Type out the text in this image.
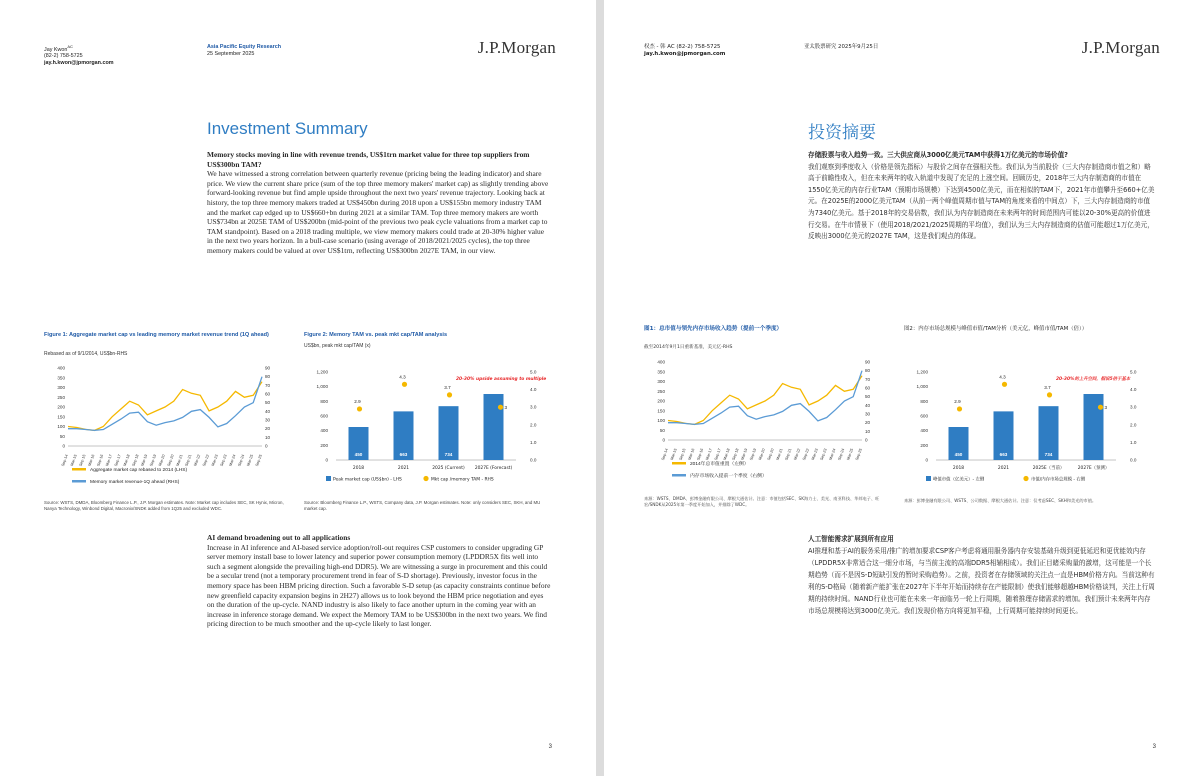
Jay Kwon$^{AC}$
(82-2) 758-5725
jay.h.kwon@jpmorgan.com
Asia Pacific Equity Research
25 September 2025	J.P.Morgan
Investment Summary

Memory stocks moving in line with revenue trends, US$1trn market value for three top suppliers from US$300bn TAM?

We have witnessed a strong correlation between quarterly revenue (pricing being the leading indicator) and share price. We view the current share price (sum of the top three memory makers' market cap) as slightly trending above forward-looking revenue but find ample upside throughout the next two years' revenue trajectory. Looking back at history, the top three memory makers traded at US$450bn during 2018 upon a US$155bn memory industry TAM and the market cap edged up to US$660+bn during 2021 at a similar TAM. Top three memory makers are worth US$734bn at 2025E TAM of US$200bn (mid-point of the previous two peak cycle valuations from a market cap to TAM standpoint). Based on a 2018 trading multiple, we view memory makers could trade at 20-30% higher value in the next two years horizon. In a bull-case scenario (using average of 2018/2021/2025 cycles), the top three memory makers could be valued at over US$1trn, reflecting US$300bn 2027E TAM, in our view.

Figure 1: Aggregate market cap vs leading memory market revenue trend (1Q ahead)
Rebased as of 9/1/2014, US$bn-RHS
0
50
100
150
200
250
300
350
400
0
10
20
30
40
50
60
70
80
90
Sep-14 Mar-15 Sep-15 Mar-16 Sep-16 Mar-17 Sep-17 Mar-18 Sep-18 Mar-19 Sep-19 Mar-20 Sep-20 Mar-21 Sep-21 Mar-22 Sep-22 Mar-23 Sep-23 Mar-24 Sep-24 Mar-25 Sep-25
Aggregate market cap rebased to 2014 (LHS)
Memory market revenue-1Q ahead (RHS)
Source: WSTS, DMDA, Bloomberg Finance L.P., J.P. Morgan estimates. Note: Market cap includes SEC, SK Hynix, Micron, Nanya Technology, Winbond Digital, Macronix/SNDK added from 1Q25 and excluded WDC.
Figure 2: Memory TAM vs. peak mkt cap/TAM analysis
US$bn, peak mkt cap/TAM (x)
0
200
400
600
800
1,000
1,200
0.0
1.0
2.0
3.0
4.0
5.0
450
2018
2.9
663
2021
4.3
734
2025 (Current)
3.7
2027E (Forecast)
3
20-30% upside assuming to multiple
Peak market cap (US$bn) - LHS	Mkt cap /memory TAM - RHS
Source: Bloomberg Finance L.P., WSTS, Company data, J.P. Morgan estimates. Note: only considers SEC, SKH, and MU market cap.

AI demand broadening out to all applications

Increase in AI inference and AI-based service adoption/roll-out requires CSP customers to consider upgrading GP server memory install base to lower latency and superior power consumption memory (LPDDR5X fits well into such a segment alongside the prevailing high-end DDR5). We are witnessing a surge in procurement and this could be a secular trend (not a temporary procurement trend in fear of S-D shortage). Previously, investor focus in the memory space has been HBM pricing direction. Such a favorable S-D setup (as capacity constraints continue before new greenfield capacity expansion begins in 2H27) allows us to look beyond the HBM price negotiation and eyes on the duration of the up-cycle. NAND industry is also likely to face another upturn in the coming year with an increase in inference storage demand. We expect the Memory TAM to be US$300bn in the next two years. We find pricing direction to be much smoother and the up-cycle likely to last longer.

3
权杰 - 韩 AC (82-2) 758-5725
jay.h.kwon@jpmorgan.com
亚太股票研究 2025年9月25日	J.P.Morgan
投资摘要

存储股票与收入趋势一致。三大供应商从3000亿美元TAM中获得1万亿美元的市场价值?

我们观察到季度收入（价格是领先指标）与股价之间存在强相关性。我们认为当前股价（三大内存制造商市值之和）略高于前瞻性收入，但在未来两年的收入轨道中发现了充足的上涨空间。回顾历史，2018年三大内存制造商的市值在1550亿美元的内存行业TAM（预期市场规模）下达到4500亿美元，而在相似的TAM下，2021年市值攀升至660+亿美元。在2025E的2000亿美元TAM（从前一两个峰值周期市值与TAM的角度来看的中间点）下，三大内存制造商的市值为7340亿美元。基于2018年的交易倍数，我们认为内存制造商在未来两年的时间范围内可能以20-30%更高的价值进行交易。在牛市情景下（使用2018/2021/2025周期的平均值），我们认为三大内存制造商的估值可能超过1万亿美元，反映出3000亿美元的2027E TAM，这是我们观点的体现。

图1：总市值与领先内存市场收入趋势（提前一个季度）
截至2014年9月1日重新基准，美元亿-RHS
0
50
100
150
200
250
300
350
400
0
10
20
30
40
50
60
70
80
90
Sep-14 Mar-15 Sep-15 Mar-16 Sep-16 Mar-17 Sep-17 Mar-18 Sep-18 Mar-19 Sep-19 Mar-20 Sep-20 Mar-21 Sep-21 Mar-22 Sep-22 Mar-23 Sep-23 Mar-24 Sep-24 Mar-25 Sep-25
2014年总市值重置（左侧）
内存市场收入提前一个季度（右侧）
来源：WSTS、DMDA、彭博金融有限公司、摩根大通估计。注意：市值包括SEC、SK海力士、美光、南亚科技、华邦电子、旺宏/SNDK从2025年第一季度开始加入，并排除了WDC。
图2：内存市场总规模与峰值市值/TAM分析（美元亿，峰值市值/TAM（倍））
0
200
400
600
800
1,000
1,200
0.0
1.0
2.0
3.0
4.0
5.0
450
2018
2.9
663
2021
4.3
734
2025E（当前）
3.7
2027E（预测）
3
20-30%的上升空间，假设5倍于基本
峰值市值（亿美元）- 左侧	市值/内存市场总规模 - 右侧
来源：彭博金融有限公司、WSTS、公司数据、摩根大通估计。注意：仅考虑SEC、SKH和美光的市值。

人工智能需求扩展到所有应用

AI推理和基于AI的服务采用/推广的增加要求CSP客户考虑将通用服务器内存安装基础升级到更低延迟和更优能效内存（LPDDR5X非常适合这一细分市场，与当前主流的高端DDR5相辅相成）。我们正目睹采购量的激增，这可能是一个长期趋势（而不是因S-D短缺引发的暂时采购趋势）。之前，投资者在存储领域的关注点一直是HBM价格方向。当前这种有利的S-D格局（随着新产能扩张在2027年下半年开始而持续存在产能限制）使我们能够超越HBM价格谈判，关注上行周期的持续时间。NAND行业也可能在未来一年面临另一轮上行周期，随着推理存储需求的增加。我们预计未来两年内存市场总规模将达到3000亿美元。我们发现价格方向将更加平稳，上行周期可能持续时间更长。

3
